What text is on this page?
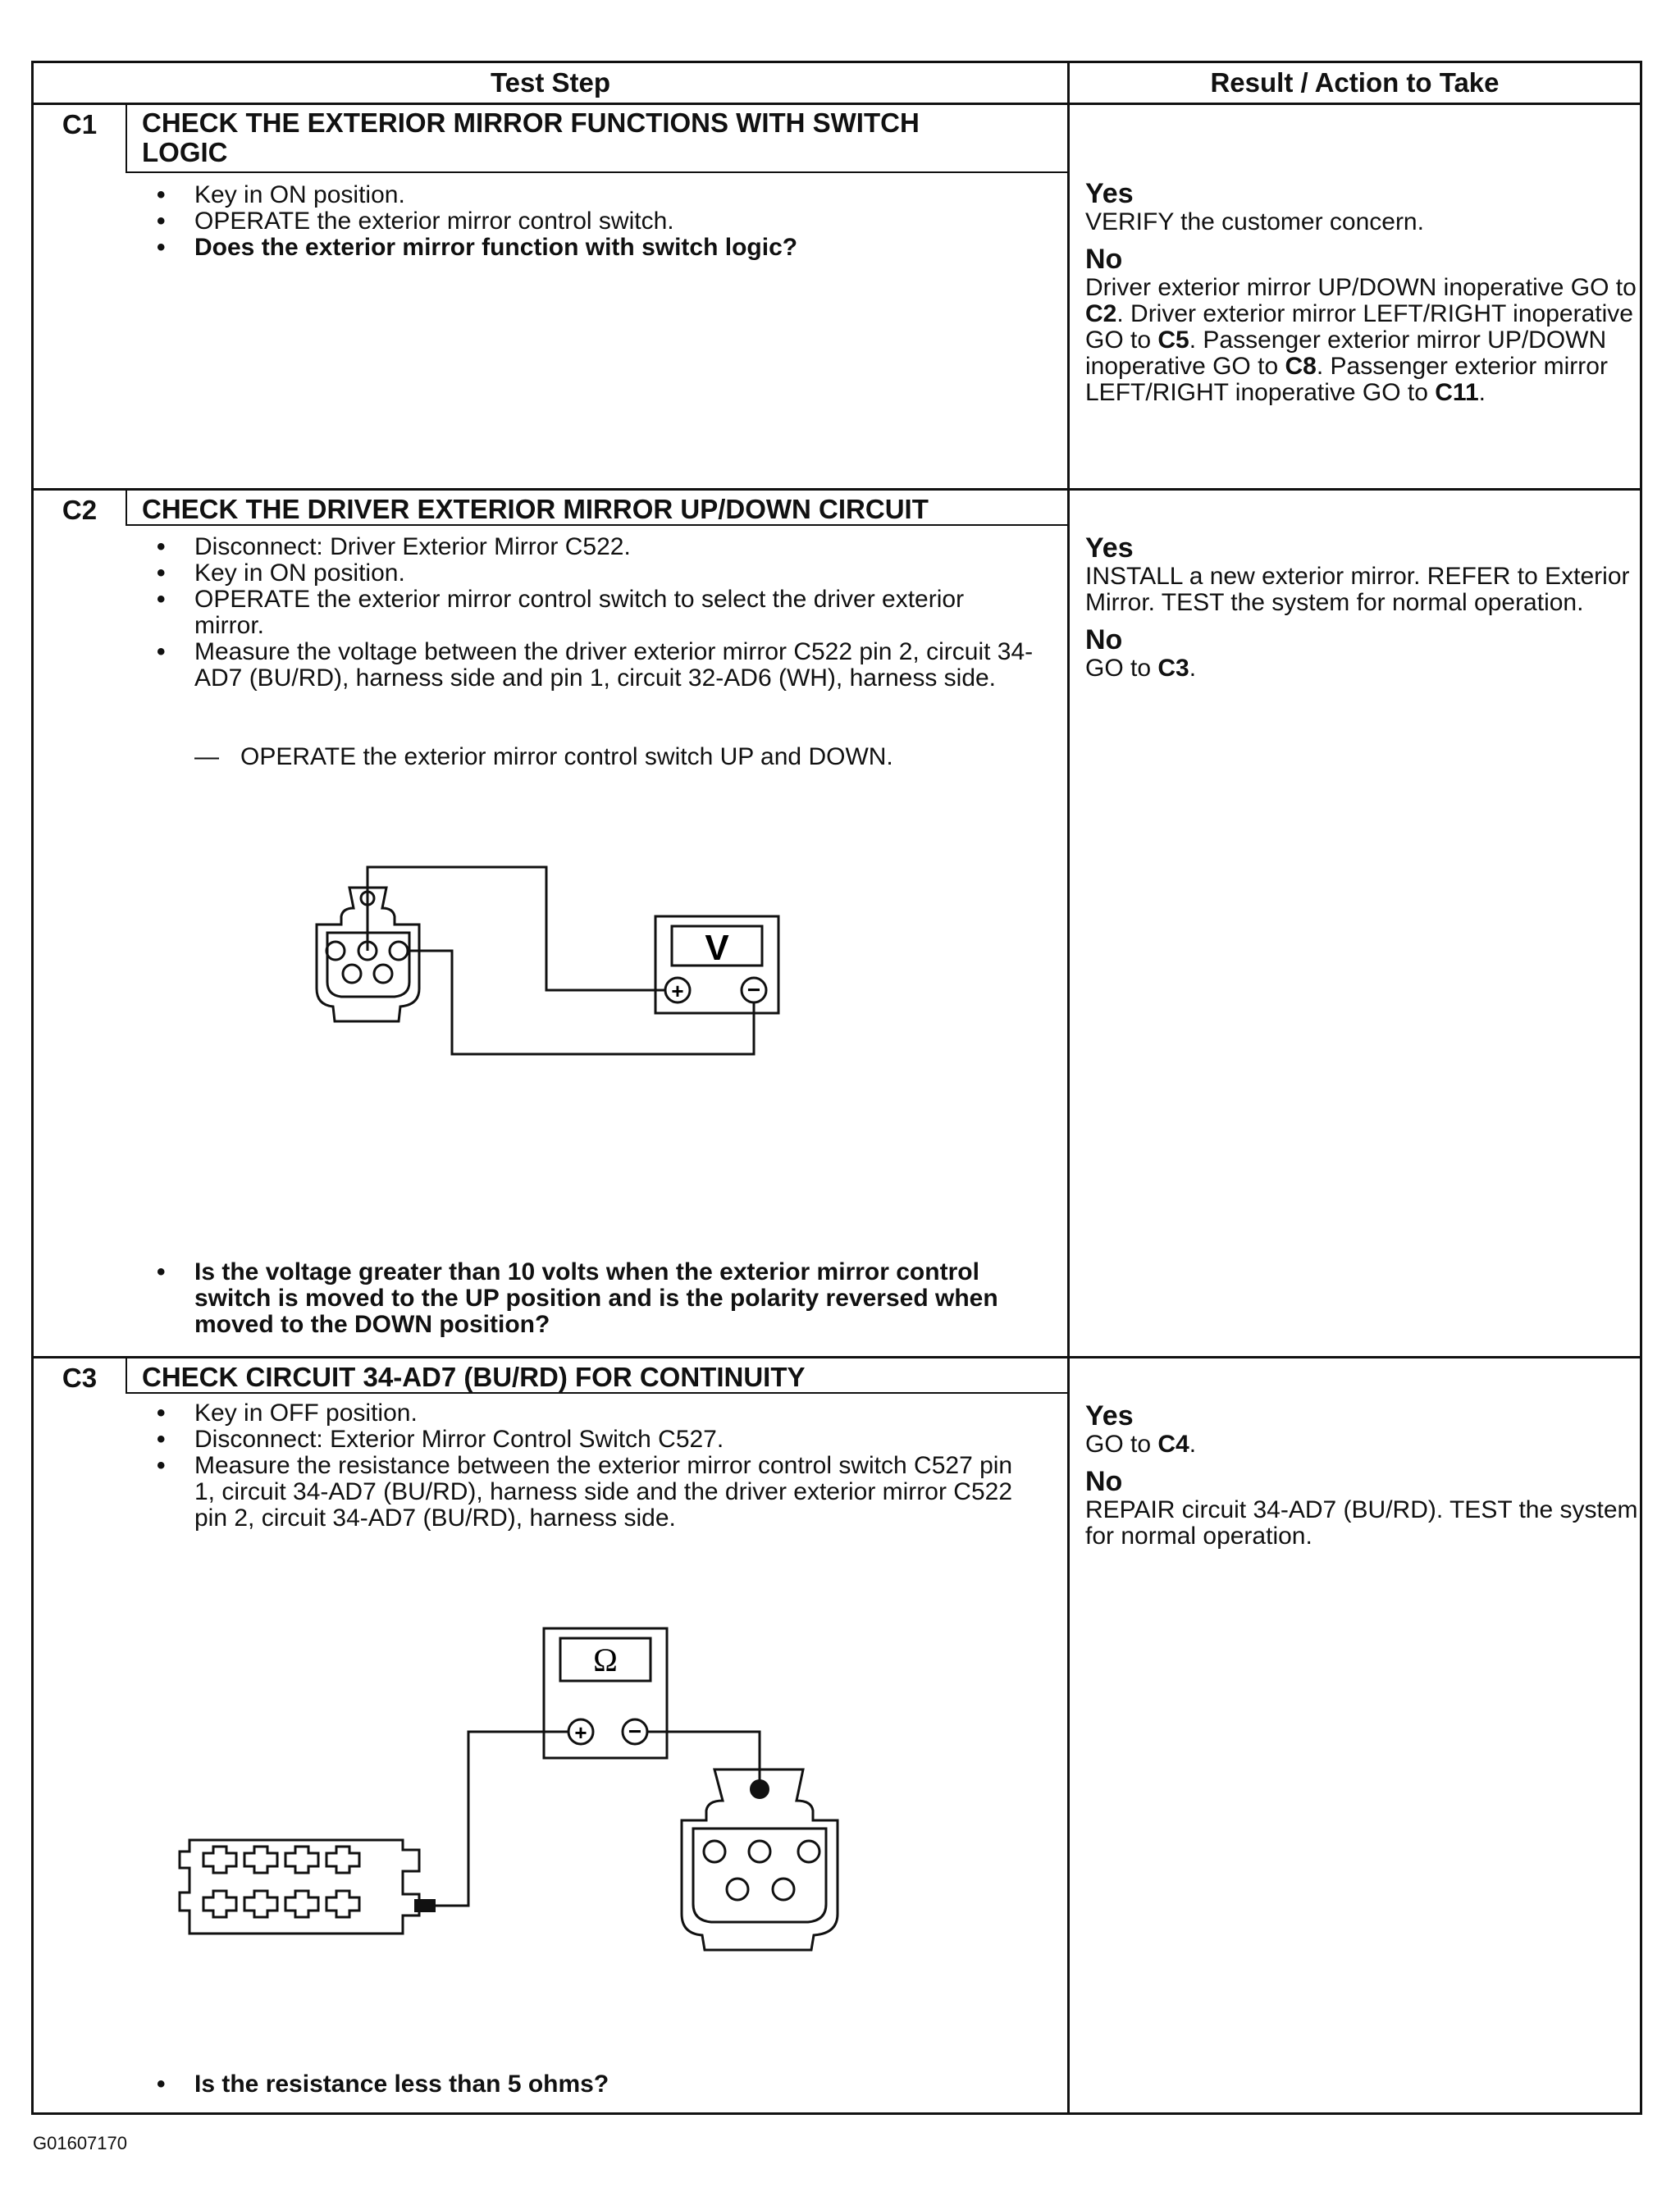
Test Step	Result / Action to Take
C1	CHECK THE EXTERIOR MIRROR FUNCTIONS WITH SWITCH LOGIC
• Key in ON position.
• OPERATE the exterior mirror control switch.
• Does the exterior mirror function with switch logic?
Yes
VERIFY the customer concern.
No
Driver exterior mirror UP/DOWN inoperative GO to C2. Driver exterior mirror LEFT/RIGHT inoperative GO to C5. Passenger exterior mirror UP/DOWN inoperative GO to C8. Passenger exterior mirror LEFT/RIGHT inoperative GO to C11.
C2	CHECK THE DRIVER EXTERIOR MIRROR UP/DOWN CIRCUIT
• Disconnect: Driver Exterior Mirror C522.
• Key in ON position.
• OPERATE the exterior mirror control switch to select the driver exterior mirror.
• Measure the voltage between the driver exterior mirror C522 pin 2, circuit 34-AD7 (BU/RD), harness side and pin 1, circuit 32-AD6 (WH), harness side.
— OPERATE the exterior mirror control switch UP and DOWN.
+	−
V
• Is the voltage greater than 10 volts when the exterior mirror control switch is moved to the UP position and is the polarity reversed when moved to the DOWN position?
Yes
INSTALL a new exterior mirror. REFER to Exterior Mirror. TEST the system for normal operation.
No
GO to C3.
C3	CHECK CIRCUIT 34-AD7 (BU/RD) FOR CONTINUITY
• Key in OFF position.
• Disconnect: Exterior Mirror Control Switch C527.
• Measure the resistance between the exterior mirror control switch C527 pin 1, circuit 34-AD7 (BU/RD), harness side and the driver exterior mirror C522 pin 2, circuit 34-AD7 (BU/RD), harness side.
+ −
Ω
• Is the resistance less than 5 ohms?
Yes
GO to C4.
No
REPAIR circuit 34-AD7 (BU/RD). TEST the system for normal operation.
G01607170
